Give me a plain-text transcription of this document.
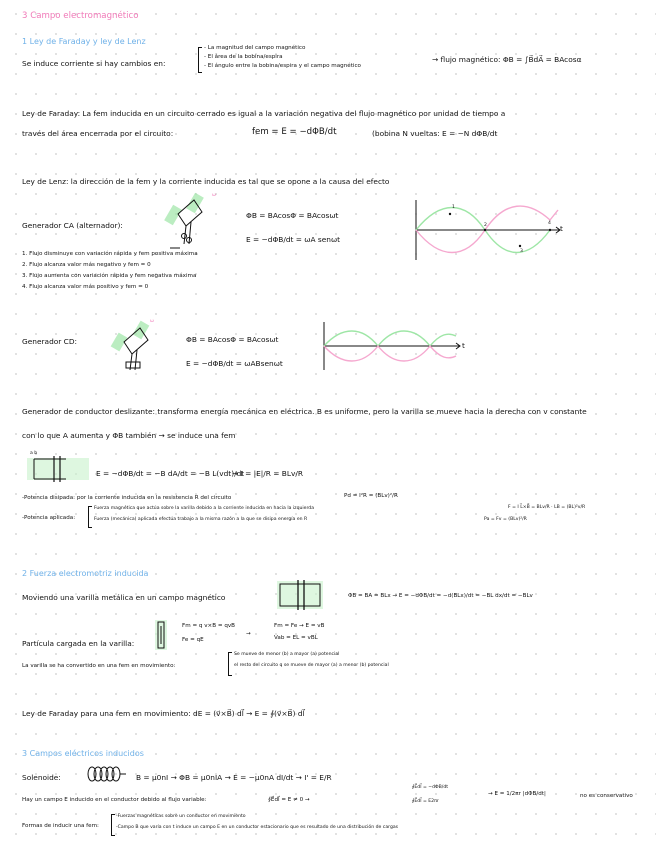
3 Campo electromagnético
1 Ley de Faraday y ley de Lenz
Se induce corriente si hay cambios en:
- La magnitud del campo magnético
- El área de la bobina/espira
- El ángulo entre la bobina/espira y el campo magnético
→ flujo magnético: ΦB = ∫B⃗dA⃗ = BAcosα
Ley de Faraday: La fem inducida en un circuito cerrado es igual a la variación negativa del flujo magnético por unidad de tiempo a
través del área encerrada por el circuito:	fem = E = −dΦB/dt	(bobina N vueltas: E = −N dΦB/dt
Ley de Lenz: la dirección de la fem y la corriente inducida es tal que se opone a la causa del efecto
Generador CA (alternador):
ω
ΦB = BAcosΦ = BAcosωt
E = −dΦB/dt = ωA senωt
1. Flujo disminuye con variación rápida y fem positiva máxima
2. Flujo alcanza valor más negativo y fem = 0
3. Flujo aumenta con variación rápida y fem negativa máxima
4. Flujo alcanza valor más positivo y fem = 0
1
2
3
4
t
Generador CD:
ω
ΦB = BAcosΦ = BAcosωt
E = −dΦB/dt = ωABsenωt
t
Generador de conductor deslizante: transforma energía mecánica en eléctrica. B es uniforme, pero la varilla se mueve hacia la derecha con v constante
con lo que A aumenta y ΦB también → se induce una fem
a b
E = −dΦB/dt = −B dA/dt = −B L(vdt)/dt
→ I = |E|/R = BLv/R
-Potencia disipada: por la corriente inducida en la resistencia R del circuito	Pd = I²R = (BLv)²/R
-Potencia aplicada:
Fuerza magnética que actúa sobre la varilla debido a la corriente inducida en hacia la izquierda
Fuerza (mecánica) aplicada efectúa trabajo a la misma razón a la que se disipa energía en R
F = I L⃗×B⃗ = BLv/R · LB = (BL)²v/R
Pa = Fv = (BLv)²/R
2 Fuerza electromotriz inducida
Moviendo una varilla metálica en un campo magnético	ΦB = BA = BLx → E = −dΦB/dt = −d(BLx)/dt = −BL dx/dt = −BLv
Partícula cargada en la varilla:
Fm = q v×B = qvB
Fe = qE
→
Fm = Fe → E = vB
Vab = EL = vBL
La varilla se ha convertido en una fem en movimiento:
Se mueve de menor (b) a mayor (a) potencial
el resto del circuito q se mueve de mayor (a) a menor (b) potencial
Ley de Faraday para una fem en movimiento: dE = (v⃗×B⃗) dl⃗ → E = ∮(v⃗×B⃗) dl⃗
3 Campos eléctricos inducidos
Solenoide:	B = μ0nI → ΦB = μ0nIA → E = −μ0nA dI/dt → I' = E/R
Hay un campo E inducido en el conductor debido al flujo variable:	∮E⃗dl⃗ = E ≠ 0 →
∮E⃗dl⃗ = −dΦB/dt
∮E⃗dl⃗ = E2πr
→ E = 1/2πr |dΦB/dt|	no es conservativo
Formas de inducir una fem:
-Fuerzas magnéticas sobre un conductor en movimiento
-Campo B que varía con t induce un campo E en un conductor estacionario que es resultado de una distribución de cargas
